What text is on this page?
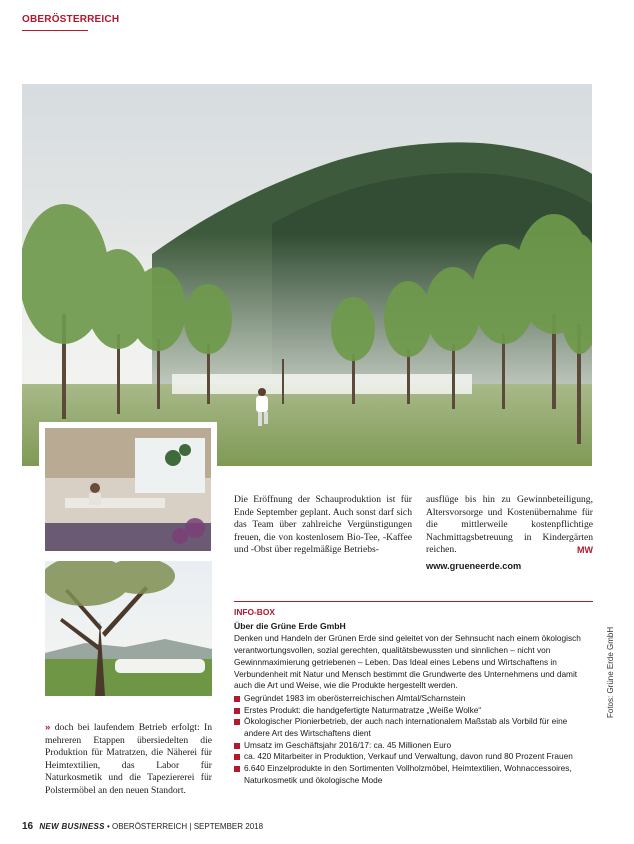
OBERÖSTERREICH

Die Eröffnung der Schauproduktion ist für Ende September geplant. Auch sonst darf sich das Team über zahlreiche Vergünstigungen freuen, die von kostenlosem Bio-Tee, -Kaffee und -Obst über regelmäßige Betriebs-

ausflüge bis hin zu Gewinnbeteiligung, Altersvorsorge und Kostenübernahme für die mittlerweile kostenpflichtige Nachmittagsbetreuung in Kindergärten reichen.	MW

www.grueneerde.com

» doch bei laufendem Betrieb erfolgt: In mehreren Etappen übersiedelten die Produktion für Matratzen, die Näherei für Heimtextilien, das Labor für Naturkosmetik und die Tapeziererei für Polstermöbel an den neuen Standort.

INFO-BOX
Über die Grüne Erde GmbH

Denken und Handeln der Grünen Erde sind geleitet von der Sehnsucht nach einem ökologisch verantwortungsvollen, sozial gerechten, qualitätsbewussten und sinnlichen – nicht von Gewinnmaximierung getriebenen – Leben. Das Ideal eines Lebens und Wirtschaftens in Verbundenheit mit Natur und Mensch bestimmt die Grundwerte des Unternehmens und damit auch die Art und Weise, wie die Produkte hergestellt werden.

Gegründet 1983 im oberösterreichischen Almtal/Scharnstein
Erstes Produkt: die handgefertigte Naturmatratze „Weiße Wolke“
Ökologischer Pionierbetrieb, der auch nach internationalem Maßstab als Vorbild für eine andere Art des Wirtschaftens dient
Umsatz im Geschäftsjahr 2016/17: ca. 45 Millionen Euro
ca. 420 Mitarbeiter in Produktion, Verkauf und Verwaltung, davon rund 80 Prozent Frauen
6.640 Einzelprodukte in den Sortimenten Vollholzmöbel, Heimtextilien, Wohnaccessoires, Naturkosmetik und ökologische Mode
Fotos: Grüne Erde GmbH
16 NEW BUSINESS • OBERÖSTERREICH | SEPTEMBER 2018
